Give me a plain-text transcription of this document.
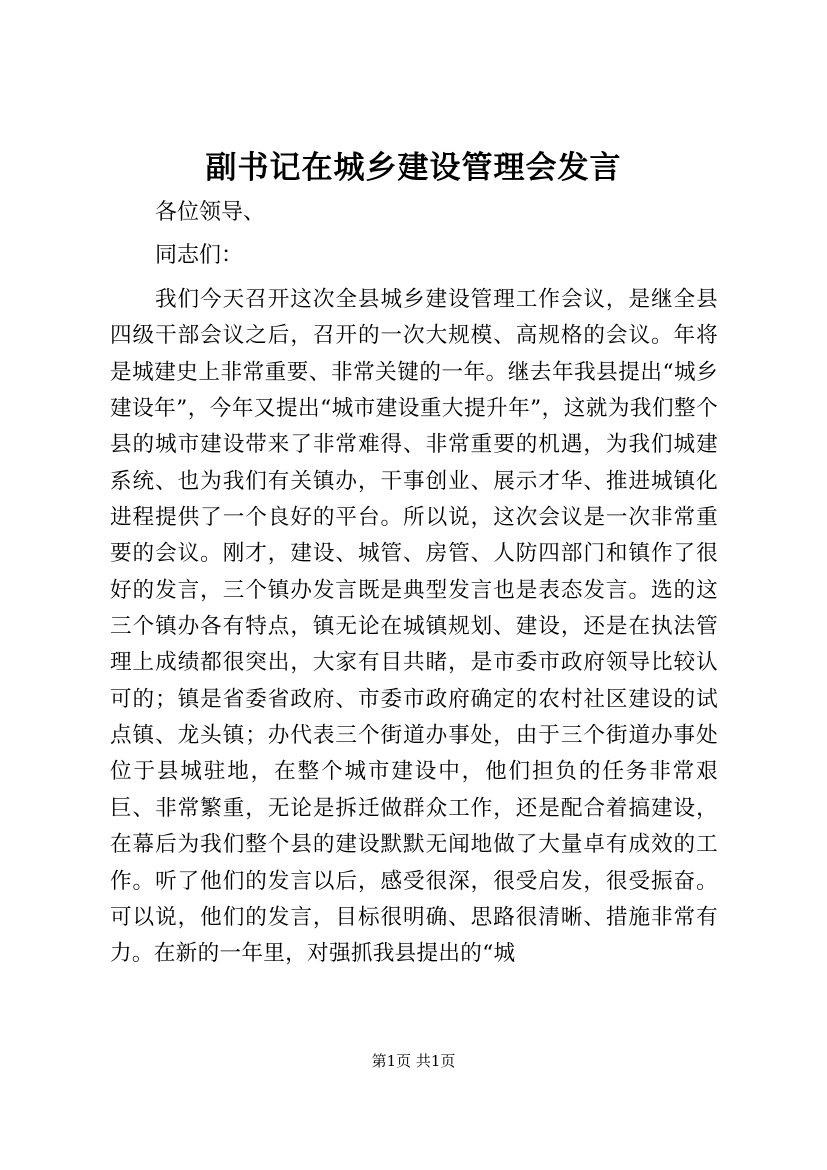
副书记在城乡建设管理会发言
各位领导、
同志们：

我们今天召开这次全县城乡建设管理工作会议，是继全县四级干部会议之后，召开的一次大规模、高规格的会议。年将是城建史上非常重要、非常关键的一年。继去年我县提出“城乡建设年”，今年又提出“城市建设重大提升年”，这就为我们整个县的城市建设带来了非常难得、非常重要的机遇，为我们城建系统、也为我们有关镇办，干事创业、展示才华、推进城镇化进程提供了一个良好的平台。所以说，这次会议是一次非常重要的会议。刚才，建设、城管、房管、人防四部门和镇作了很好的发言，三个镇办发言既是典型发言也是表态发言。选的这三个镇办各有特点，镇无论在城镇规划、建设，还是在执法管理上成绩都很突出，大家有目共睹，是市委市政府领导比较认可的；镇是省委省政府、市委市政府确定的农村社区建设的试点镇、龙头镇；办代表三个街道办事处，由于三个街道办事处位于县城驻地，在整个城市建设中，他们担负的任务非常艰巨、非常繁重，无论是拆迁做群众工作，还是配合着搞建设，在幕后为我们整个县的建设默默无闻地做了大量卓有成效的工作。听了他们的发言以后，感受很深，很受启发，很受振奋。可以说，他们的发言，目标很明确、思路很清晰、措施非常有力。在新的一年里，对强抓我县提出的“城

第1页 共1页
